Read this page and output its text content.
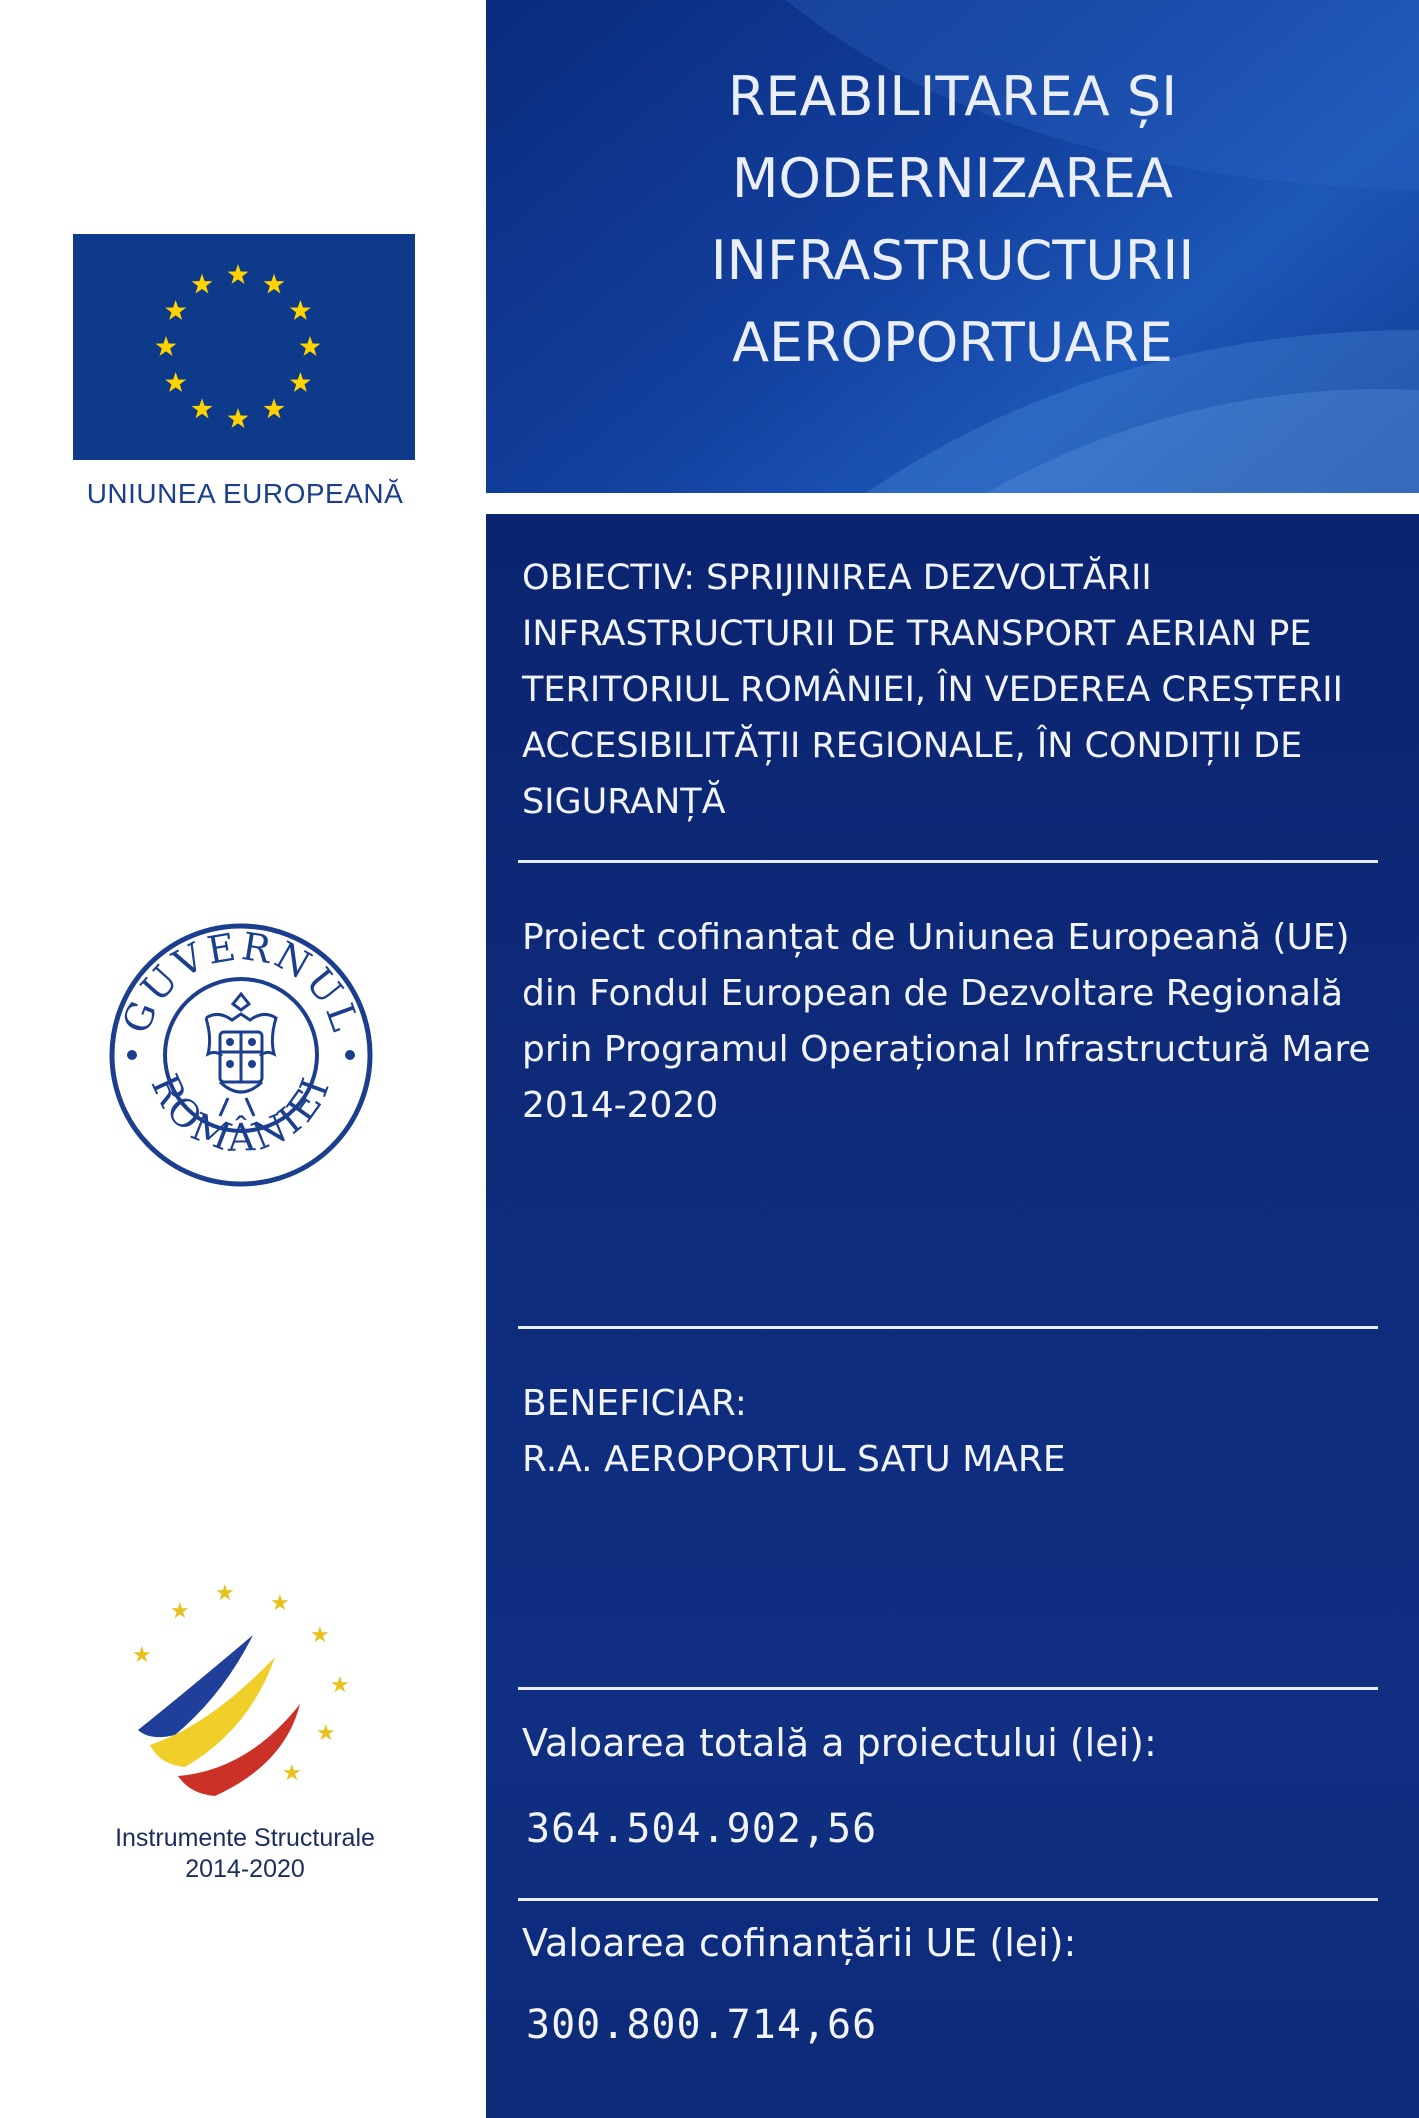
UNIUNEA EUROPEANĂ
GUVERNUL
ROMÂNIEI
★
★ ★
★
★
★
★
★
Instrumente Structurale
2014-2020
REABILITAREA ȘI
MODERNIZAREA
INFRASTRUCTURII
AEROPORTUARE
OBIECTIV: SPRIJINIREA DEZVOLTĂRII INFRASTRUCTURII DE TRANSPORT AERIAN PE TERITORIUL ROMÂNIEI, ÎN VEDEREA CREȘTERII ACCESIBILITĂȚII REGIONALE, ÎN CONDIȚII DE SIGURANȚĂ
Proiect cofinanțat de Uniunea Europeană (UE) din Fondul European de Dezvoltare Regională prin Programul Operațional Infrastructură Mare 2014-2020
BENEFICIAR:
R.A. AEROPORTUL SATU MARE
Valoarea totală a proiectului (lei):
364.504.902,56
Valoarea cofinanțării UE (lei):
300.800.714,66
